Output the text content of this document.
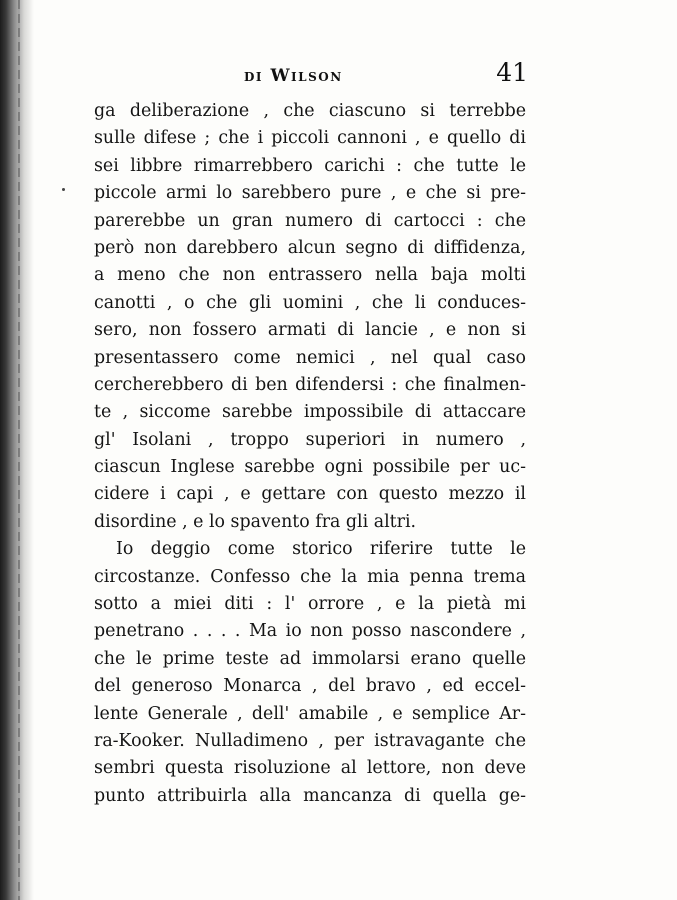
di Wilson	41
ga deliberazione , che ciascuno si terrebbe
sulle difese ; che i piccoli cannoni , e quello di
sei libbre rimarrebbero carichi : che tutte le
piccole armi lo sarebbero pure , e che si pre-
parerebbe un gran numero di cartocci : che
però non darebbero alcun segno di diffidenza,
a meno che non entrassero nella baja molti
canotti , o che gli uomini , che li conduces-
sero, non fossero armati di lancie , e non si
presentassero come nemici , nel qual caso
cercherebbero di ben difendersi : che finalmen-
te , siccome sarebbe impossibile di attaccare
gl' Isolani , troppo superiori in numero ,
ciascun Inglese sarebbe ogni possibile per uc-
cidere i capi , e gettare con questo mezzo il
disordine , e lo spavento fra gli altri.
Io deggio come storico riferire tutte le
circostanze. Confesso che la mia penna trema
sotto a miei diti : l' orrore , e la pietà mi
penetrano . . . . Ma io non posso nascondere ,
che le prime teste ad immolarsi erano quelle
del generoso Monarca , del bravo , ed eccel-
lente Generale , dell' amabile , e semplice Ar-
ra-Kooker. Nulladimeno , per istravagante che
sembri questa risoluzione al lettore, non deve
punto attribuirla alla mancanza di quella ge-
